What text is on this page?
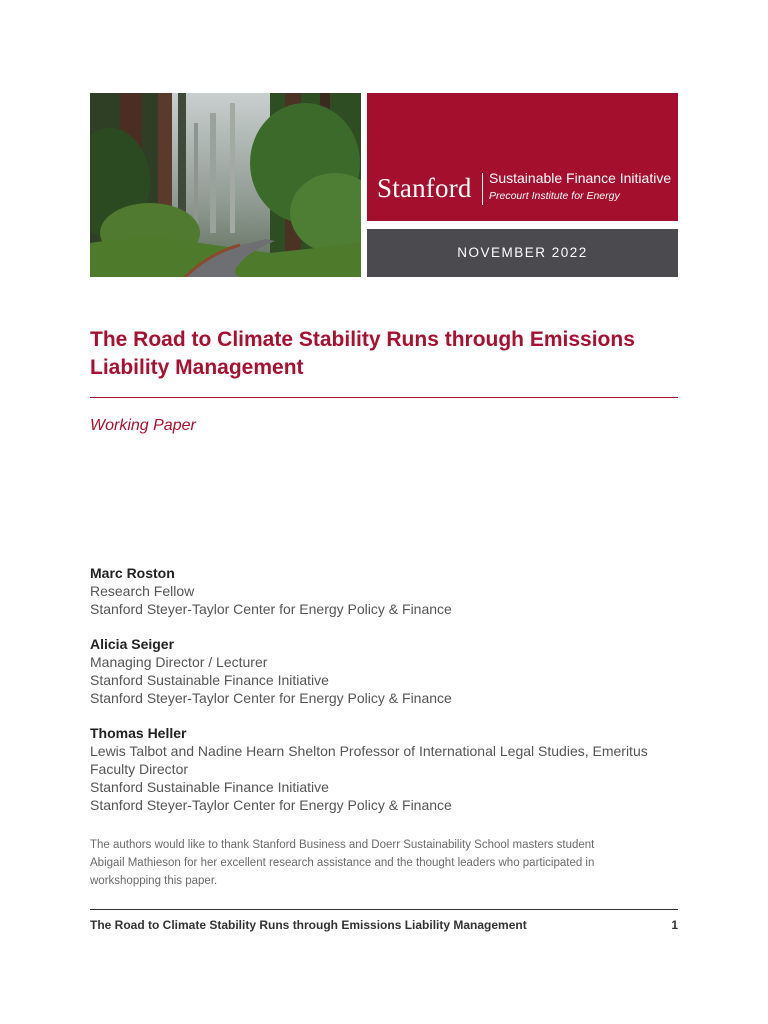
Stanford Sustainable Finance Initiative
Precourt Institute for Energy
NOVEMBER 2022
The Road to Climate Stability Runs through Emissions Liability Management
Working Paper
Marc Roston
Research Fellow
Stanford Steyer-Taylor Center for Energy Policy & Finance
Alicia Seiger
Managing Director / Lecturer
Stanford Sustainable Finance Initiative
Stanford Steyer-Taylor Center for Energy Policy & Finance
Thomas Heller
Lewis Talbot and Nadine Hearn Shelton Professor of International Legal Studies, Emeritus
Faculty Director
Stanford Sustainable Finance Initiative
Stanford Steyer-Taylor Center for Energy Policy & Finance
The authors would like to thank Stanford Business and Doerr Sustainability School masters student Abigail Mathieson for her excellent research assistance and the thought leaders who participated in workshopping this paper.
The Road to Climate Stability Runs through Emissions Liability Management	1
